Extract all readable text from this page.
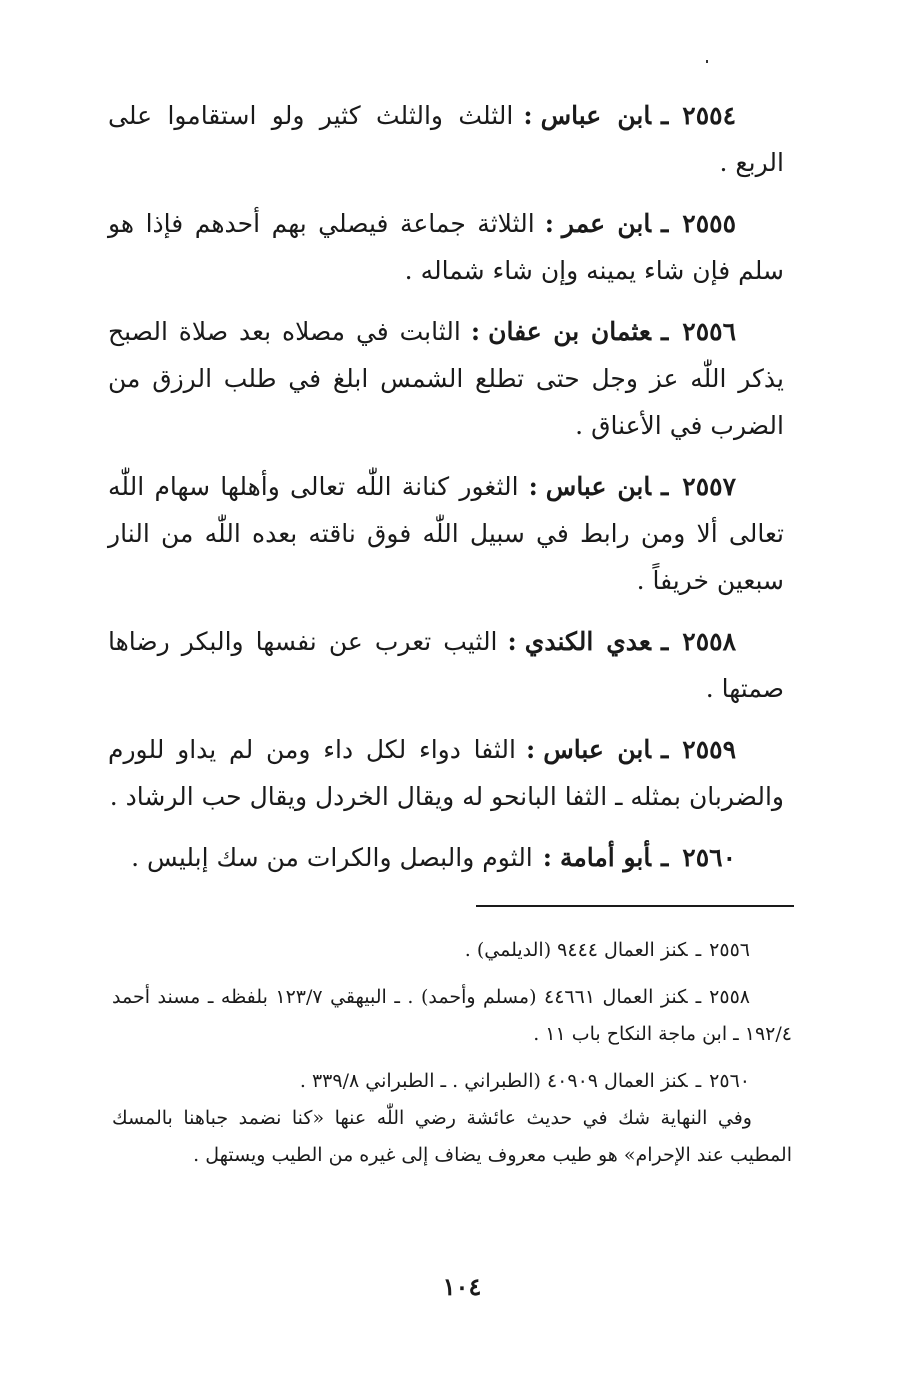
٢٥٥٤ـابن عباس:الثلث والثلث كثير ولو استقاموا على الربع .

٢٥٥٥ـابن عمر:الثلاثة جماعة فيصلي بهم أحدهم فإذا هو سلم فإن شاء يمينه وإن شاء شماله .

٢٥٥٦ـعثمان بن عفان:الثابت في مصلاه بعد صلاة الصبح يذكر اللّٰه عز وجل حتى تطلع الشمس ابلغ في طلب الرزق من الضرب في الأعناق .

٢٥٥٧ـابن عباس:الثغور كنانة اللّٰه تعالى وأهلها سهام اللّٰه تعالى ألا ومن رابط في سبيل اللّٰه فوق ناقته بعده اللّٰه من النار سبعين خريفاً .

٢٥٥٨ـعدي الكندي:الثيب تعرب عن نفسها والبكر رضاها صمتها .

٢٥٥٩ـابن عباس:الثفا دواء لكل داء ومن لم يداو للورم والضربان بمثله ـ الثفا البانحو له ويقال الخردل ويقال حب الرشاد .

٢٥٦٠ـأبو أمامة:الثوم والبصل والكرات من سك إبليس .

٢٥٥٦ـكنز العمال ٩٤٤٤ (الديلمي) .

٢٥٥٨ـكنز العمال ٤٤٦٦١ (مسلم وأحمد) . ـ البيهقي ١٢٣/٧ بلفظه ـ مسند أحمد ١٩٢/٤ ـ ابن ماجة النكاح باب ١١ .

٢٥٦٠ـكنز العمال ٤٠٩٠٩ (الطبراني . ـ الطبراني ٣٣٩/٨ .

وفي النهاية شك في حديث عائشة رضي اللّٰه عنها «كنا نضمد جباهنا بالمسك المطيب عند الإحرام» هو طيب معروف يضاف إلى غيره من الطيب ويستهل .

١٠٤
